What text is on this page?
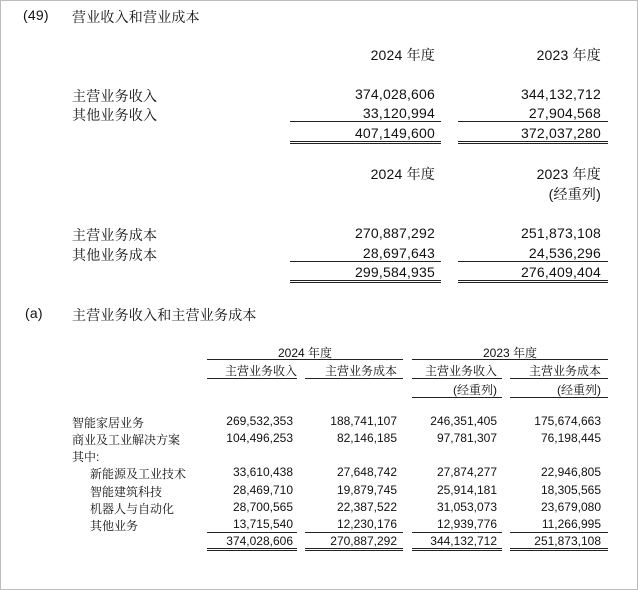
(49) 营业收入和营业成本
2024 年度	2023 年度
主营业务收入	374,028,606	344,132,712
其他业务收入	33,120,994	27,904,568
407,149,600	372,037,280
2024 年度	2023 年度
(经重列)
主营业务成本	270,887,292	251,873,108
其他业务成本	28,697,643	24,536,296
299,584,935	276,409,404
(a) 主营业务收入和主营业务成本
2024 年度	2023 年度
主营业务收入	主营业务成本	主营业务收入	主营业务成本
(经重列)	(经重列)
智能家居业务	269,532,353	188,741,107	246,351,405	175,674,663
商业及工业解决方案	104,496,253	82,146,185	97,781,307	76,198,445
其中:
新能源及工业技术	33,610,438	27,648,742	27,874,277	22,946,805
智能建筑科技	28,469,710	19,879,745	25,914,181	18,305,565
机器人与自动化	28,700,565	22,387,522	31,053,073	23,679,080
其他业务	13,715,540	12,230,176	12,939,776	11,266,995
374,028,606	270,887,292	344,132,712	251,873,108
